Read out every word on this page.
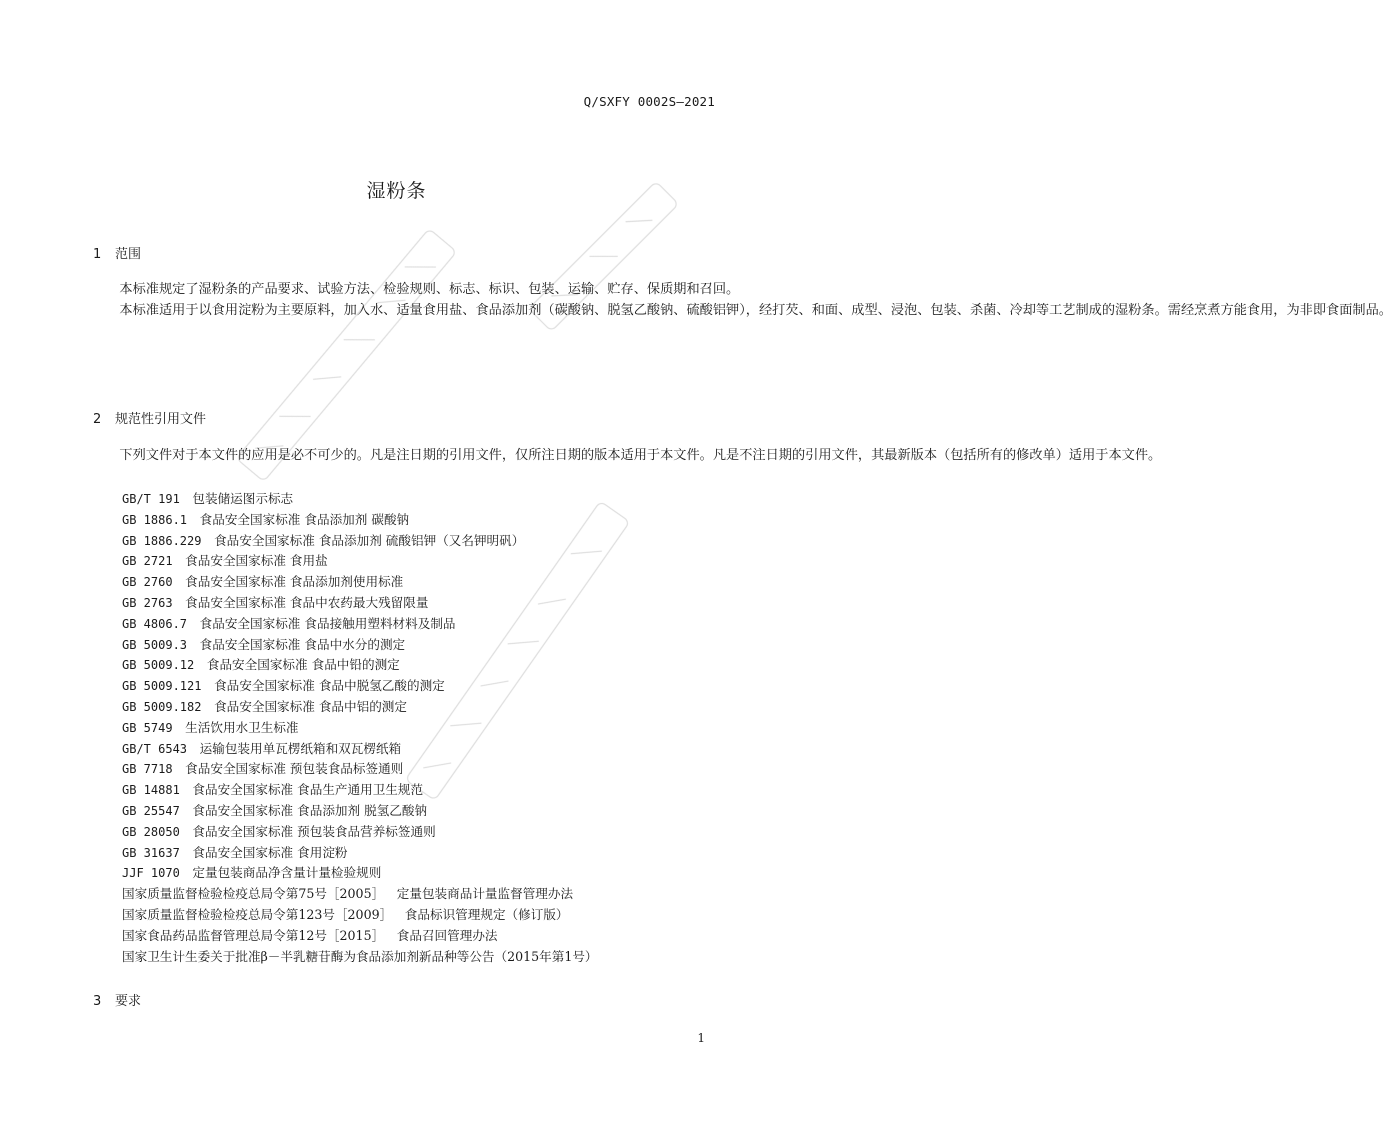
Q/SXFY 0002S—2021
湿粉条
1 范围

本标准规定了湿粉条的产品要求、试验方法、检验规则、标志、标识、包装、运输、贮存、保质期和召回。

本标准适用于以食用淀粉为主要原料，加入水、适量食用盐、食品添加剂（碳酸钠、脱氢乙酸钠、硫酸铝钾），经打芡、和面、成型、浸泡、包装、杀菌、冷却等工艺制成的湿粉条。需经烹煮方能食用，为非即食面制品。

2 规范性引用文件

下列文件对于本文件的应用是必不可少的。凡是注日期的引用文件，仅所注日期的版本适用于本文件。凡是不注日期的引用文件，其最新版本（包括所有的修改单）适用于本文件。

GB/T 191  包装储运图示标志
GB 1886.1  食品安全国家标准 食品添加剂 碳酸钠
GB 1886.229  食品安全国家标准 食品添加剂 硫酸铝钾（又名钾明矾）
GB 2721  食品安全国家标准 食用盐
GB 2760  食品安全国家标准 食品添加剂使用标准
GB 2763  食品安全国家标准 食品中农药最大残留限量
GB 4806.7  食品安全国家标准 食品接触用塑料材料及制品
GB 5009.3  食品安全国家标准 食品中水分的测定
GB 5009.12  食品安全国家标准 食品中铅的测定
GB 5009.121  食品安全国家标准 食品中脱氢乙酸的测定
GB 5009.182  食品安全国家标准 食品中铝的测定
GB 5749  生活饮用水卫生标准
GB/T 6543  运输包装用单瓦楞纸箱和双瓦楞纸箱
GB 7718  食品安全国家标准 预包装食品标签通则
GB 14881  食品安全国家标准 食品生产通用卫生规范
GB 25547  食品安全国家标准 食品添加剂 脱氢乙酸钠
GB 28050  食品安全国家标准 预包装食品营养标签通则
GB 31637  食品安全国家标准 食用淀粉
JJF 1070  定量包装商品净含量计量检验规则
国家质量监督检验检疫总局令第75号［2005］  定量包装商品计量监督管理办法
国家质量监督检验检疫总局令第123号［2009］  食品标识管理规定（修订版）
国家食品药品监督管理总局令第12号［2015］  食品召回管理办法
国家卫生计生委关于批准β－半乳糖苷酶为食品添加剂新品种等公告（2015年第1号）
3 要求
1
